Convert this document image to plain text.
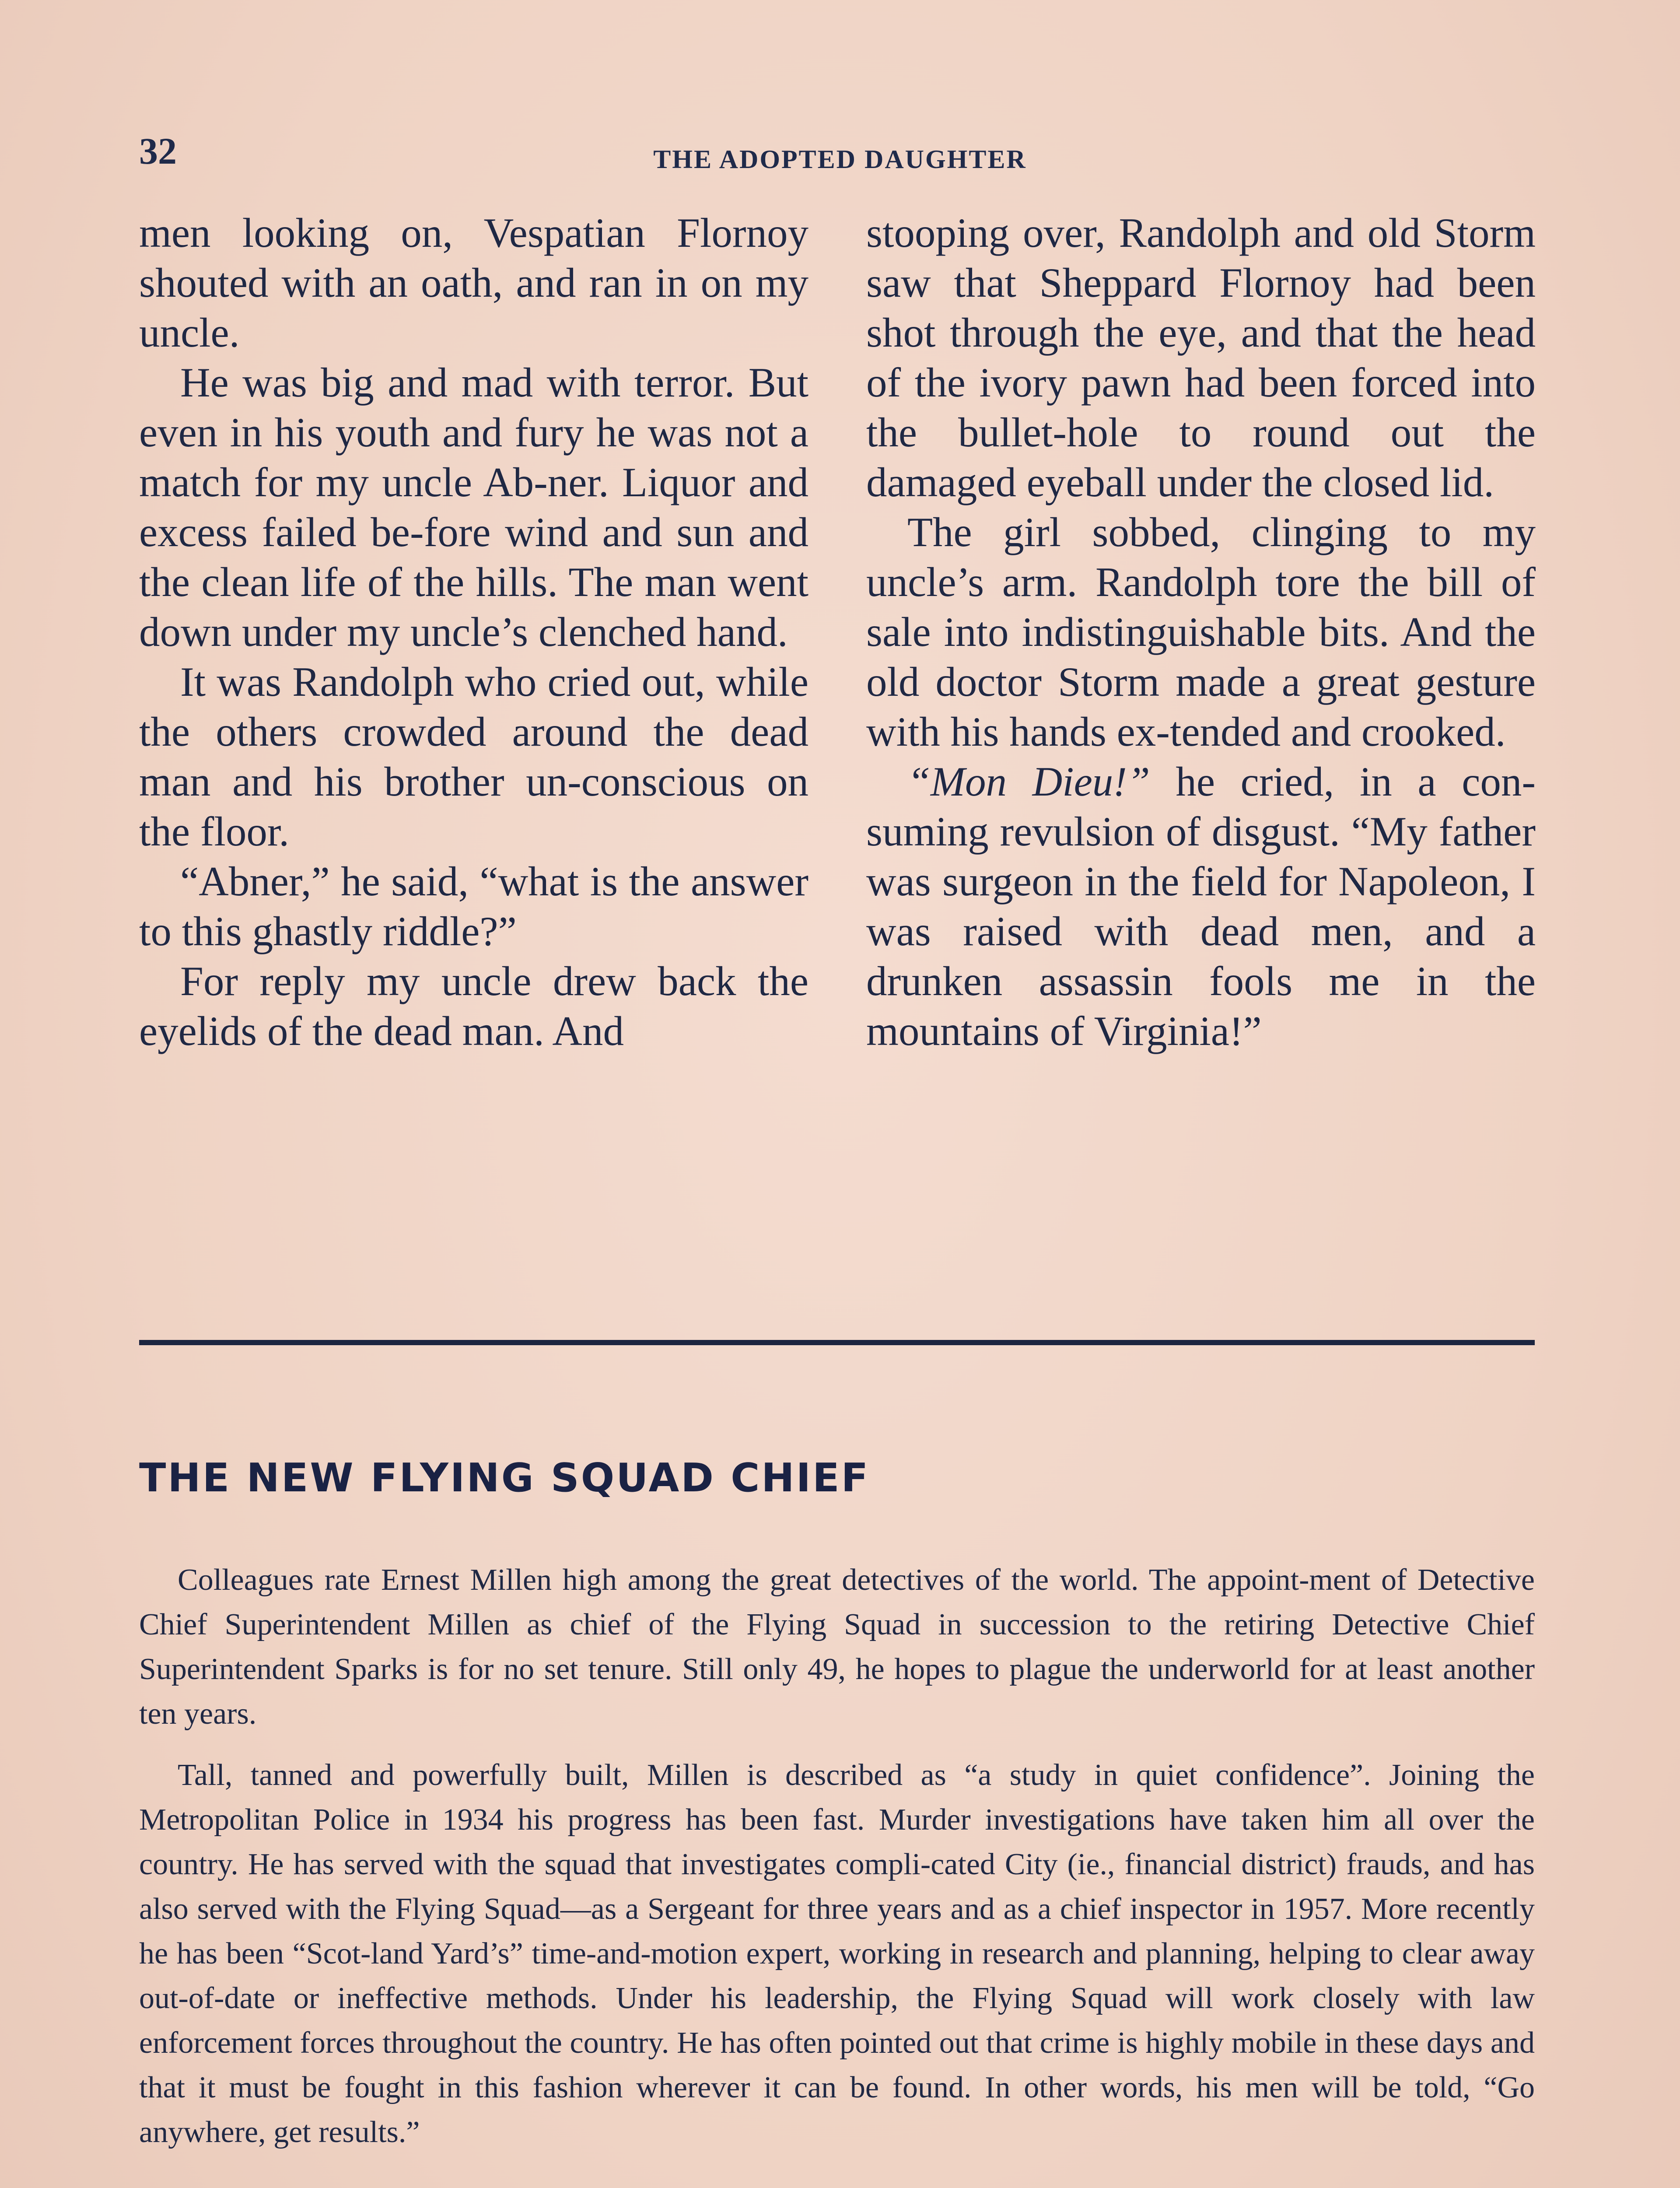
32	THE ADOPTED DAUGHTER

men looking on, Vespatian Flornoy shouted with an oath, and ran in on my uncle.

He was big and mad with terror. But even in his youth and fury he was not a match for my uncle Ab-ner. Liquor and excess failed be-fore wind and sun and the clean life of the hills. The man went down under my uncle’s clenched hand.

It was Randolph who cried out, while the others crowded around the dead man and his brother un-conscious on the floor.

“Abner,” he said, “what is the answer to this ghastly riddle?”

For reply my uncle drew back the eyelids of the dead man. And

stooping over, Randolph and old Storm saw that Sheppard Flornoy had been shot through the eye, and that the head of the ivory pawn had been forced into the bullet-hole to round out the damaged eyeball under the closed lid.

The girl sobbed, clinging to my uncle’s arm. Randolph tore the bill of sale into indistinguishable bits. And the old doctor Storm made a great gesture with his hands ex-tended and crooked.

“Mon Dieu!” he cried, in a con-suming revulsion of disgust. “My father was surgeon in the field for Napoleon, I was raised with dead men, and a drunken assassin fools me in the mountains of Virginia!”

THE NEW FLYING SQUAD CHIEF

Colleagues rate Ernest Millen high among the great detectives of the world. The appoint-ment of Detective Chief Superintendent Millen as chief of the Flying Squad in succession to the retiring Detective Chief Superintendent Sparks is for no set tenure. Still only 49, he hopes to plague the underworld for at least another ten years.

Tall, tanned and powerfully built, Millen is described as “a study in quiet confidence”. Joining the Metropolitan Police in 1934 his progress has been fast. Murder investigations have taken him all over the country. He has served with the squad that investigates compli-cated City (ie., financial district) frauds, and has also served with the Flying Squad—as a Sergeant for three years and as a chief inspector in 1957. More recently he has been “Scot-land Yard’s” time-and-motion expert, working in research and planning, helping to clear away out-of-date or ineffective methods. Under his leadership, the Flying Squad will work closely with law enforcement forces throughout the country. He has often pointed out that crime is highly mobile in these days and that it must be fought in this fashion wherever it can be found. In other words, his men will be told, “Go anywhere, get results.”
